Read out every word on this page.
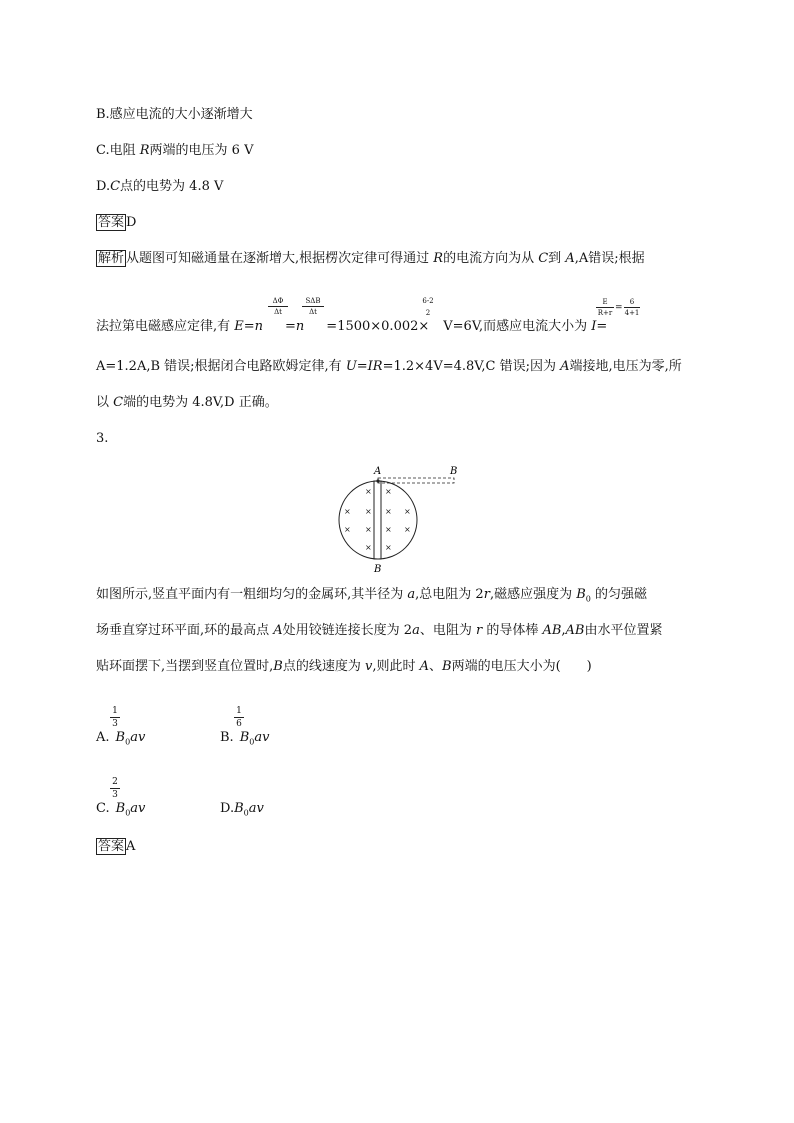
B.感应电流的大小逐渐增大
C.电阻 R两端的电压为 6 V
D.C点的电势为 4.8 V
答案 D
解析 从题图可知磁通量在逐渐增大,根据楞次定律可得通过 R的电流方向为从 C到 A,A错误;根据
ΔΦ
Δt
SΔB
Δt
6-2
2
E
R+r
6
4+1
=
法拉第电磁感应定律,有 E=n =n =1500×0.002× V=6V,而感应电流大小为 I=
A=1.2A,B 错误;根据闭合电路欧姆定律,有 U=IR=1.2×4V=4.8V,C 错误;因为 A端接地,电压为零,所
以 C端的电势为 4.8V,D 正确。
3.
A	B
B
× ×
× × × ×
× × × ×
× ×
如图所示,竖直平面内有一粗细均匀的金属环,其半径为 a,总电阻为 2r,磁感应强度为 $B_0$ 的匀强磁
场垂直穿过环平面,环的最高点 A处用铰链连接长度为 2a、电阻为 r 的导体棒 AB,AB由水平位置紧
贴环面摆下,当摆到竖直位置时,B点的线速度为 v,则此时 A、B两端的电压大小为(　　)
1
3
A. $B_0av$
1
6
B. $B_0av$
2
3
C. $B_0av$	$D.B_0av$
答案 A
